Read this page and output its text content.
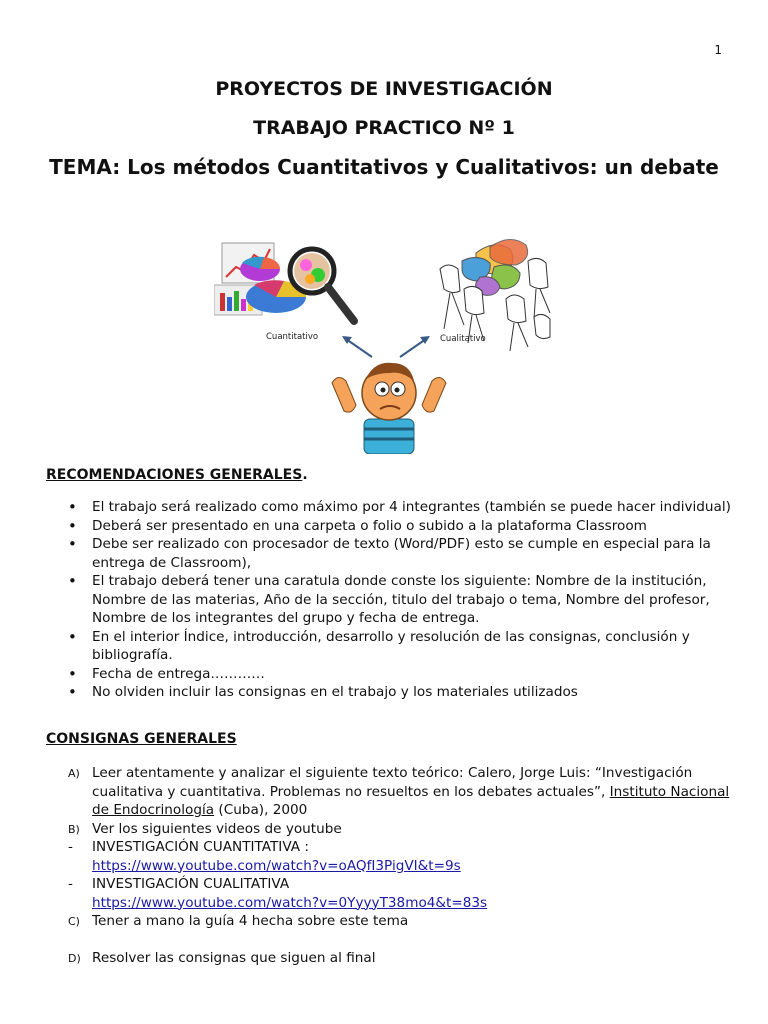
1
PROYECTOS DE INVESTIGACIÓN
TRABAJO PRACTICO Nº 1
TEMA: Los métodos Cuantitativos y Cualitativos: un debate
Cuantitativo	Cualitativo
RECOMENDACIONES GENERALES.
• El trabajo será realizado como máximo por 4 integrantes (también se puede hacer individual)
• Deberá ser presentado en una carpeta o folio o subido a la plataforma Classroom
• Debe ser realizado con procesador de texto (Word/PDF) esto se cumple en especial para la entrega de Classroom),
• El trabajo deberá tener una caratula donde conste los siguiente: Nombre de la institución, Nombre de las materias, Año de la sección, titulo del trabajo o tema, Nombre del profesor, Nombre de los integrantes del grupo y fecha de entrega.
• En el interior Índice, introducción, desarrollo y resolución de las consignas, conclusión y bibliografía.
• Fecha de entrega…………
• No olviden incluir las consignas en el trabajo y los materiales utilizados
CONSIGNAS GENERALES
A) Leer atentamente y analizar el siguiente texto teórico: Calero, Jorge Luis: “Investigación cualitativa y cuantitativa. Problemas no resueltos en los debates actuales”, Instituto Nacional de Endocrinología (Cuba), 2000
B) Ver los siguientes videos de youtube
- INVESTIGACIÓN CUANTITATIVA :
https://www.youtube.com/watch?v=oAQfI3PigVI&t=9s
- INVESTIGACIÓN CUALITATIVA
https://www.youtube.com/watch?v=0YyyyT38mo4&t=83s
C) Tener a mano la guía 4 hecha sobre este tema
D) Resolver las consignas que siguen al final
